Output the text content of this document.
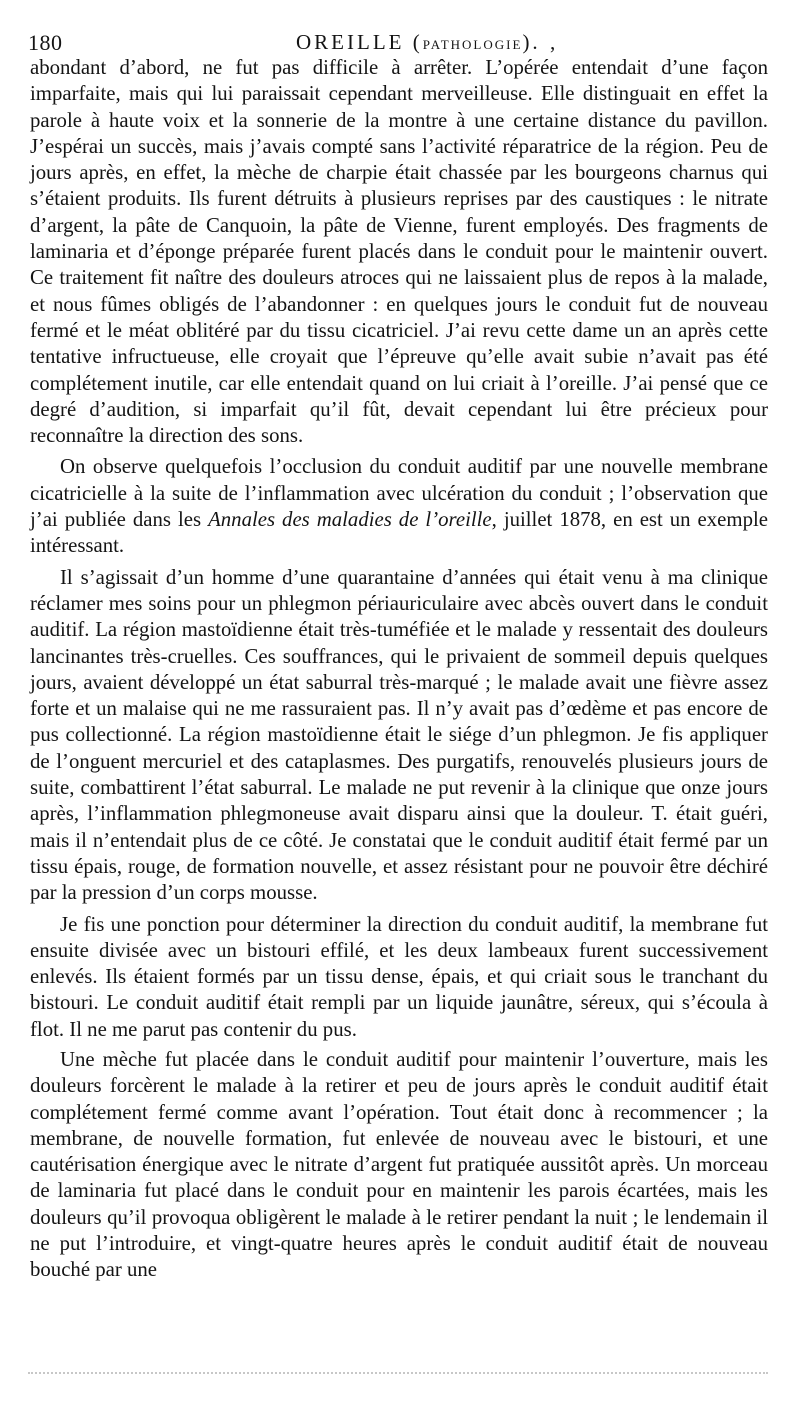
180	OREILLE (PATHOLOGIE). ‚

abondant d’abord, ne fut pas difficile à arrêter. L’opérée entendait d’une façon imparfaite, mais qui lui paraissait cependant merveilleuse. Elle distinguait en effet la parole à haute voix et la sonnerie de la montre à une certaine distance du pavillon. J’espérai un succès, mais j’avais compté sans l’activité réparatrice de la région. Peu de jours après, en effet, la mèche de charpie était chassée par les bourgeons charnus qui s’étaient produits. Ils furent détruits à plusieurs reprises par des caustiques : le nitrate d’argent, la pâte de Canquoin, la pâte de Vienne, furent employés. Des fragments de laminaria et d’éponge préparée furent placés dans le conduit pour le maintenir ouvert. Ce traitement fit naître des douleurs atroces qui ne laissaient plus de repos à la malade, et nous fûmes obligés de l’abandonner : en quelques jours le conduit fut de nouveau fermé et le méat oblitéré par du tissu cicatriciel. J’ai revu cette dame un an après cette tentative infructueuse, elle croyait que l’épreuve qu’elle avait subie n’avait pas été complétement inutile, car elle entendait quand on lui criait à l’oreille. J’ai pensé que ce degré d’audition, si imparfait qu’il fût, devait cependant lui être précieux pour reconnaître la direction des sons.

On observe quelquefois l’occlusion du conduit auditif par une nouvelle membrane cicatricielle à la suite de l’inflammation avec ulcération du conduit ; l’observation que j’ai publiée dans les Annales des maladies de l’oreille, juillet 1878, en est un exemple intéressant.

Il s’agissait d’un homme d’une quarantaine d’années qui était venu à ma clinique réclamer mes soins pour un phlegmon périauriculaire avec abcès ouvert dans le conduit auditif. La région mastoïdienne était très-tuméfiée et le malade y ressentait des douleurs lancinantes très-cruelles. Ces souffrances, qui le privaient de sommeil depuis quelques jours, avaient développé un état saburral très-marqué ; le malade avait une fièvre assez forte et un malaise qui ne me rassuraient pas. Il n’y avait pas d’œdème et pas encore de pus collectionné. La région mastoïdienne était le siége d’un phlegmon. Je fis appliquer de l’onguent mercuriel et des cataplasmes. Des purgatifs, renouvelés plusieurs jours de suite, combattirent l’état saburral. Le malade ne put revenir à la clinique que onze jours après, l’inflammation phlegmoneuse avait disparu ainsi que la douleur. T. était guéri, mais il n’entendait plus de ce côté. Je constatai que le conduit auditif était fermé par un tissu épais, rouge, de formation nouvelle, et assez résistant pour ne pouvoir être déchiré par la pression d’un corps mousse.

Je fis une ponction pour déterminer la direction du conduit auditif, la membrane fut ensuite divisée avec un bistouri effilé, et les deux lambeaux furent successivement enlevés. Ils étaient formés par un tissu dense, épais, et qui criait sous le tranchant du bistouri. Le conduit auditif était rempli par un liquide jaunâtre, séreux, qui s’écoula à flot. Il ne me parut pas contenir du pus.

Une mèche fut placée dans le conduit auditif pour maintenir l’ouverture, mais les douleurs forcèrent le malade à la retirer et peu de jours après le conduit auditif était complétement fermé comme avant l’opération. Tout était donc à recommencer ; la membrane, de nouvelle formation, fut enlevée de nouveau avec le bistouri, et une cautérisation énergique avec le nitrate d’argent fut pratiquée aussitôt après. Un morceau de laminaria fut placé dans le conduit pour en maintenir les parois écartées, mais les douleurs qu’il provoqua obligèrent le malade à le retirer pendant la nuit ; le lendemain il ne put l’introduire, et vingt-quatre heures après le conduit auditif était de nouveau bouché par une
